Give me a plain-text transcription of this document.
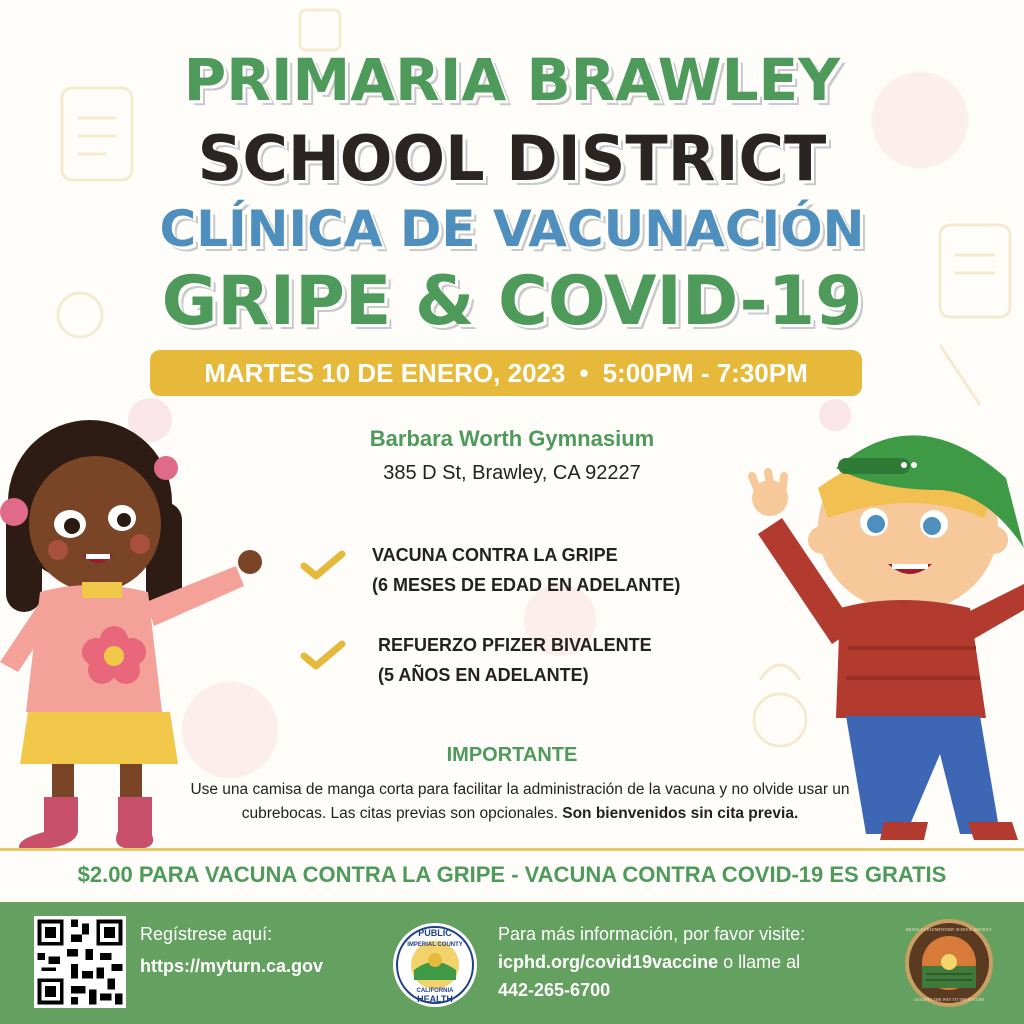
PRIMARIA BRAWLEY
SCHOOL DISTRICT
CLÍNICA DE VACUNACIÓN
GRIPE & COVID-19
MARTES 10 DE ENERO, 2023 • 5:00PM - 7:30PM
Barbara Worth Gymnasium
385 D St, Brawley, CA 92227
VACUNA CONTRA LA GRIPE
(6 MESES DE EDAD EN ADELANTE)
REFUERZO PFIZER BIVALENTE
(5 AÑOS EN ADELANTE)
IMPORTANTE
Use una camisa de manga corta para facilitar la administración de la vacuna y no olvide usar un cubrebocas. Las citas previas son opcionales. Son bienvenidos sin cita previa.
$2.00 PARA VACUNA CONTRA LA GRIPE - VACUNA CONTRA COVID-19 ES GRATIS
Regístrese aquí:
https://myturn.ca.gov
PUBLIC
IMPERIAL COUNTY
CALIFORNIA
HEALTH
Para más información, por favor visite:
icphd.org/covid19vaccine o llame al
442-265-6700
BRAWLEY ELEMENTARY SCHOOL DISTRICT
LEADING THE WAY TO THE FUTURE
